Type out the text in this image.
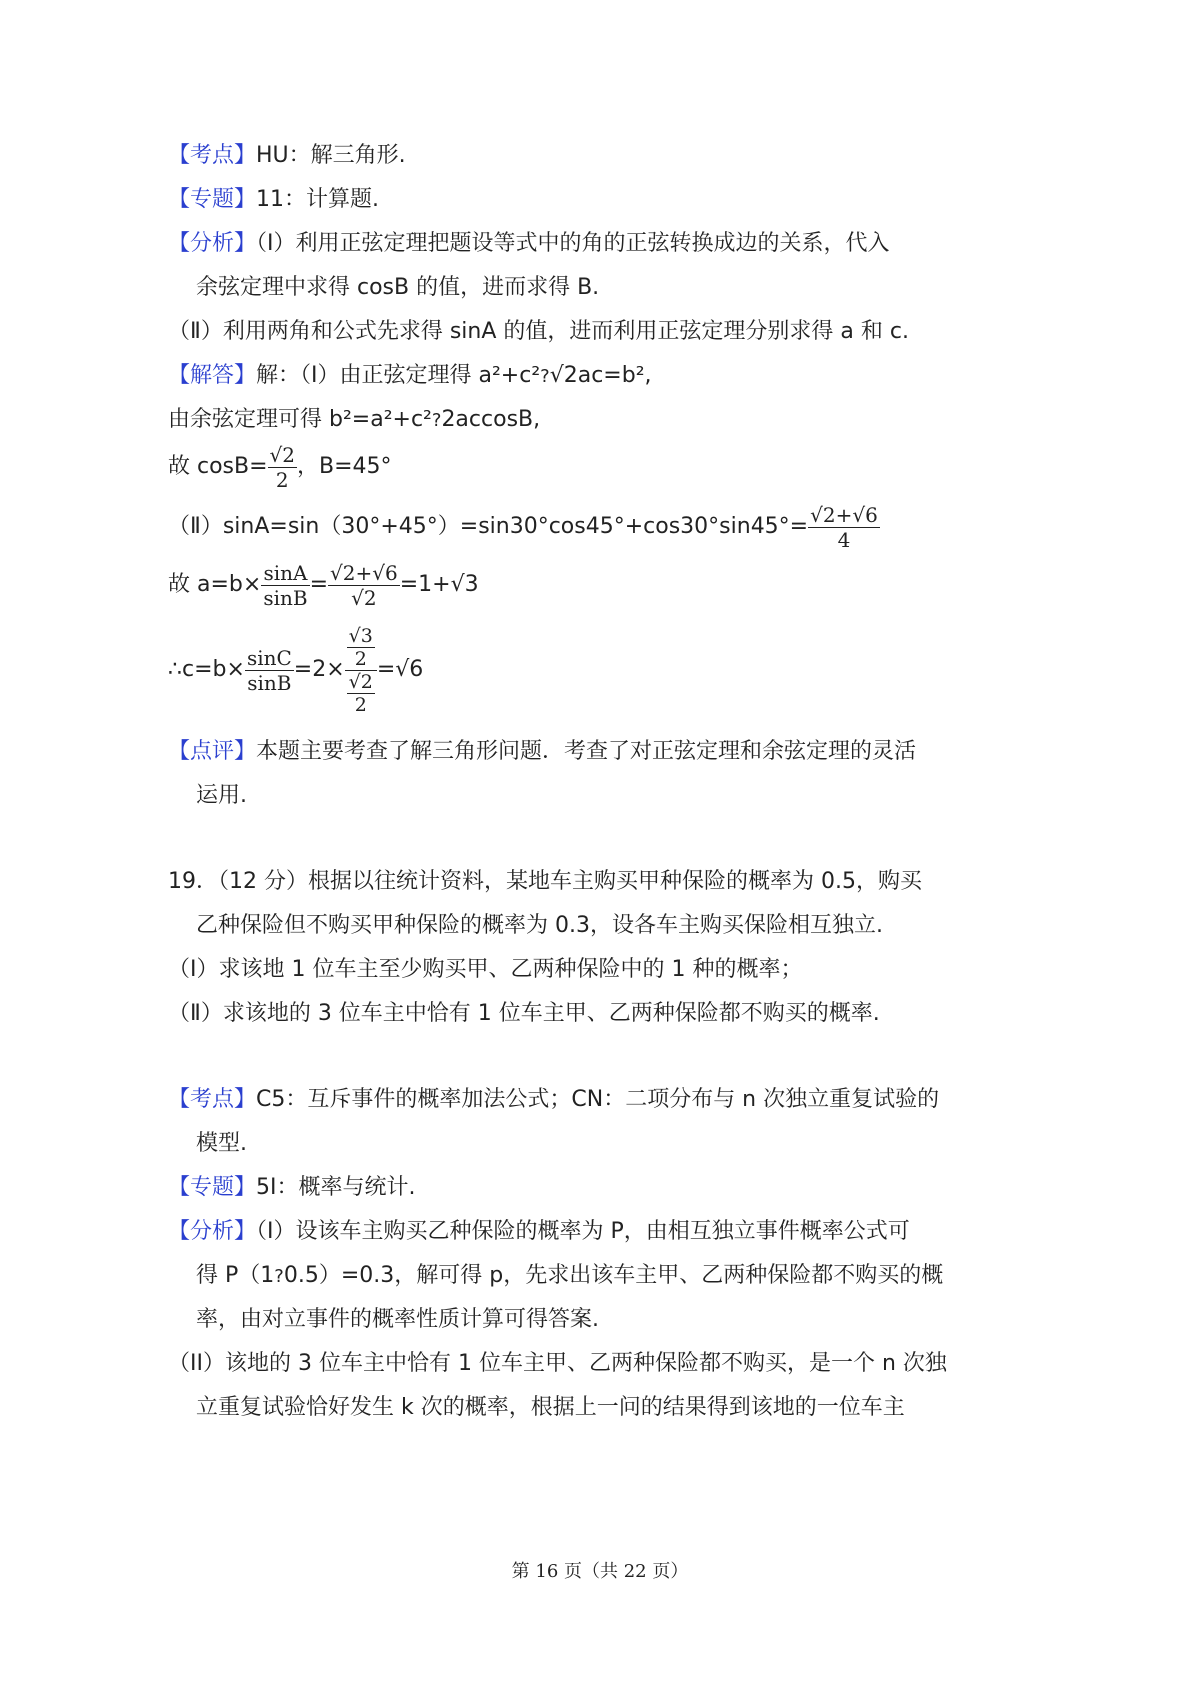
【考点】HU：解三角形.
【专题】11：计算题.
【分析】（Ⅰ）利用正弦定理把题设等式中的角的正弦转换成边的关系，代入
余弦定理中求得 cosB 的值，进而求得 B.
（Ⅱ）利用两角和公式先求得 sinA 的值，进而利用正弦定理分别求得 a 和 c.
【解答】解：（Ⅰ）由正弦定理得 a²+c²?√2ac=b²,
由余弦定理可得 b²=a²+c²?2accosB,
故 $\cos B= \frac{√2}{2}$ ，B=45°
（Ⅱ）sinA=sin（30°+45°）=sin30°cos45°+cos30°sin45°= $\frac{√2+√6}{4}$
故 $a=b\times \frac{\sin A}{\sin B} = \frac{√2+√6}{√2} =1+√3$
∴c=b× $\frac{\sin C}{\sin B} =2\times \frac{\frac{√3}{2}}{\frac{√2}{2}} =√6$
【点评】本题主要考查了解三角形问题．考查了对正弦定理和余弦定理的灵活
运用.
19．（12 分）根据以往统计资料，某地车主购买甲种保险的概率为 0.5，购买
乙种保险但不购买甲种保险的概率为 0.3，设各车主购买保险相互独立.
（Ⅰ）求该地 1 位车主至少购买甲、乙两种保险中的 1 种的概率；
（Ⅱ）求该地的 3 位车主中恰有 1 位车主甲、乙两种保险都不购买的概率.
【考点】C5：互斥事件的概率加法公式；CN：二项分布与 n 次独立重复试验的
模型.
【专题】5I：概率与统计.
【分析】（I）设该车主购买乙种保险的概率为 P，由相互独立事件概率公式可
得 P（1?0.5）=0.3，解可得 p，先求出该车主甲、乙两种保险都不购买的概
率，由对立事件的概率性质计算可得答案.
（II）该地的 3 位车主中恰有 1 位车主甲、乙两种保险都不购买，是一个 n 次独
立重复试验恰好发生 k 次的概率，根据上一问的结果得到该地的一位车主
第 16 页（共 22 页）
